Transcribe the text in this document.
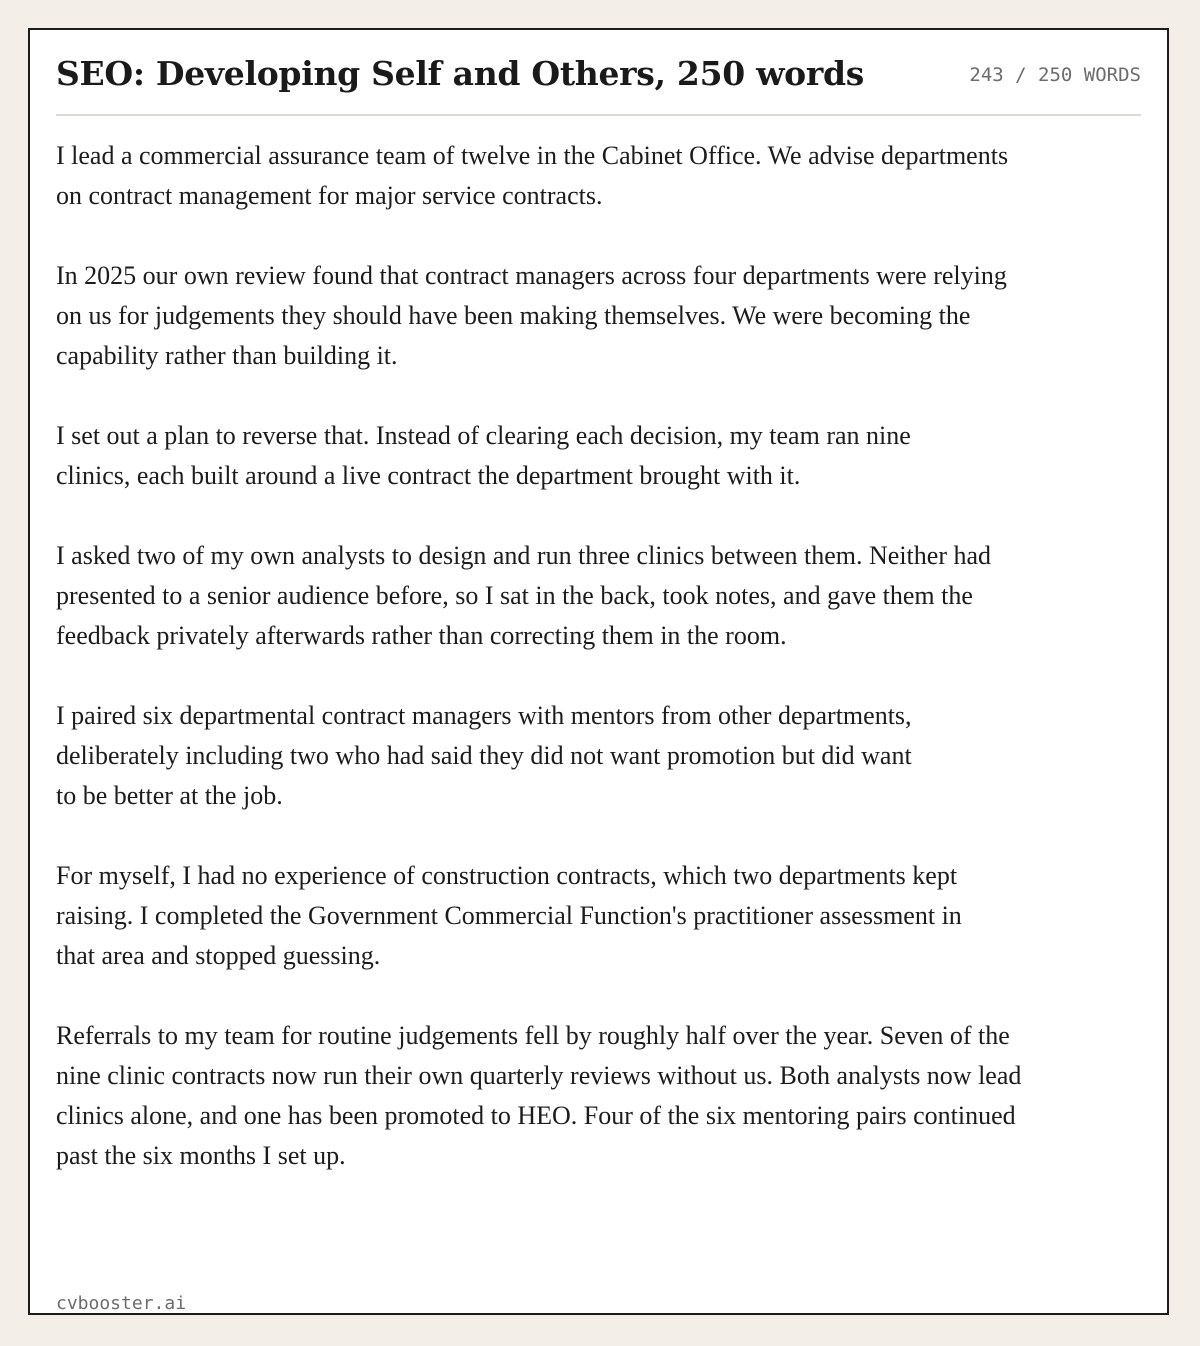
SEO: Developing Self and Others, 250 words	243 / 250 WORDS

I lead a commercial assurance team of twelve in the Cabinet Office. We advise departments on contract management for major service contracts.

In 2025 our own review found that contract managers across four departments were relying on us for judgements they should have been making themselves. We were becoming the capability rather than building it.

I set out a plan to reverse that. Instead of clearing each decision, my team ran nine clinics, each built around a live contract the department brought with it.

I asked two of my own analysts to design and run three clinics between them. Neither had presented to a senior audience before, so I sat in the back, took notes, and gave them the feedback privately afterwards rather than correcting them in the room.

I paired six departmental contract managers with mentors from other departments, deliberately including two who had said they did not want promotion but did want to be better at the job.

For myself, I had no experience of construction contracts, which two departments kept raising. I completed the Government Commercial Function's practitioner assessment in that area and stopped guessing.

Referrals to my team for routine judgements fell by roughly half over the year. Seven of the nine clinic contracts now run their own quarterly reviews without us. Both analysts now lead clinics alone, and one has been promoted to HEO. Four of the six mentoring pairs continued past the six months I set up.

cvbooster.ai
